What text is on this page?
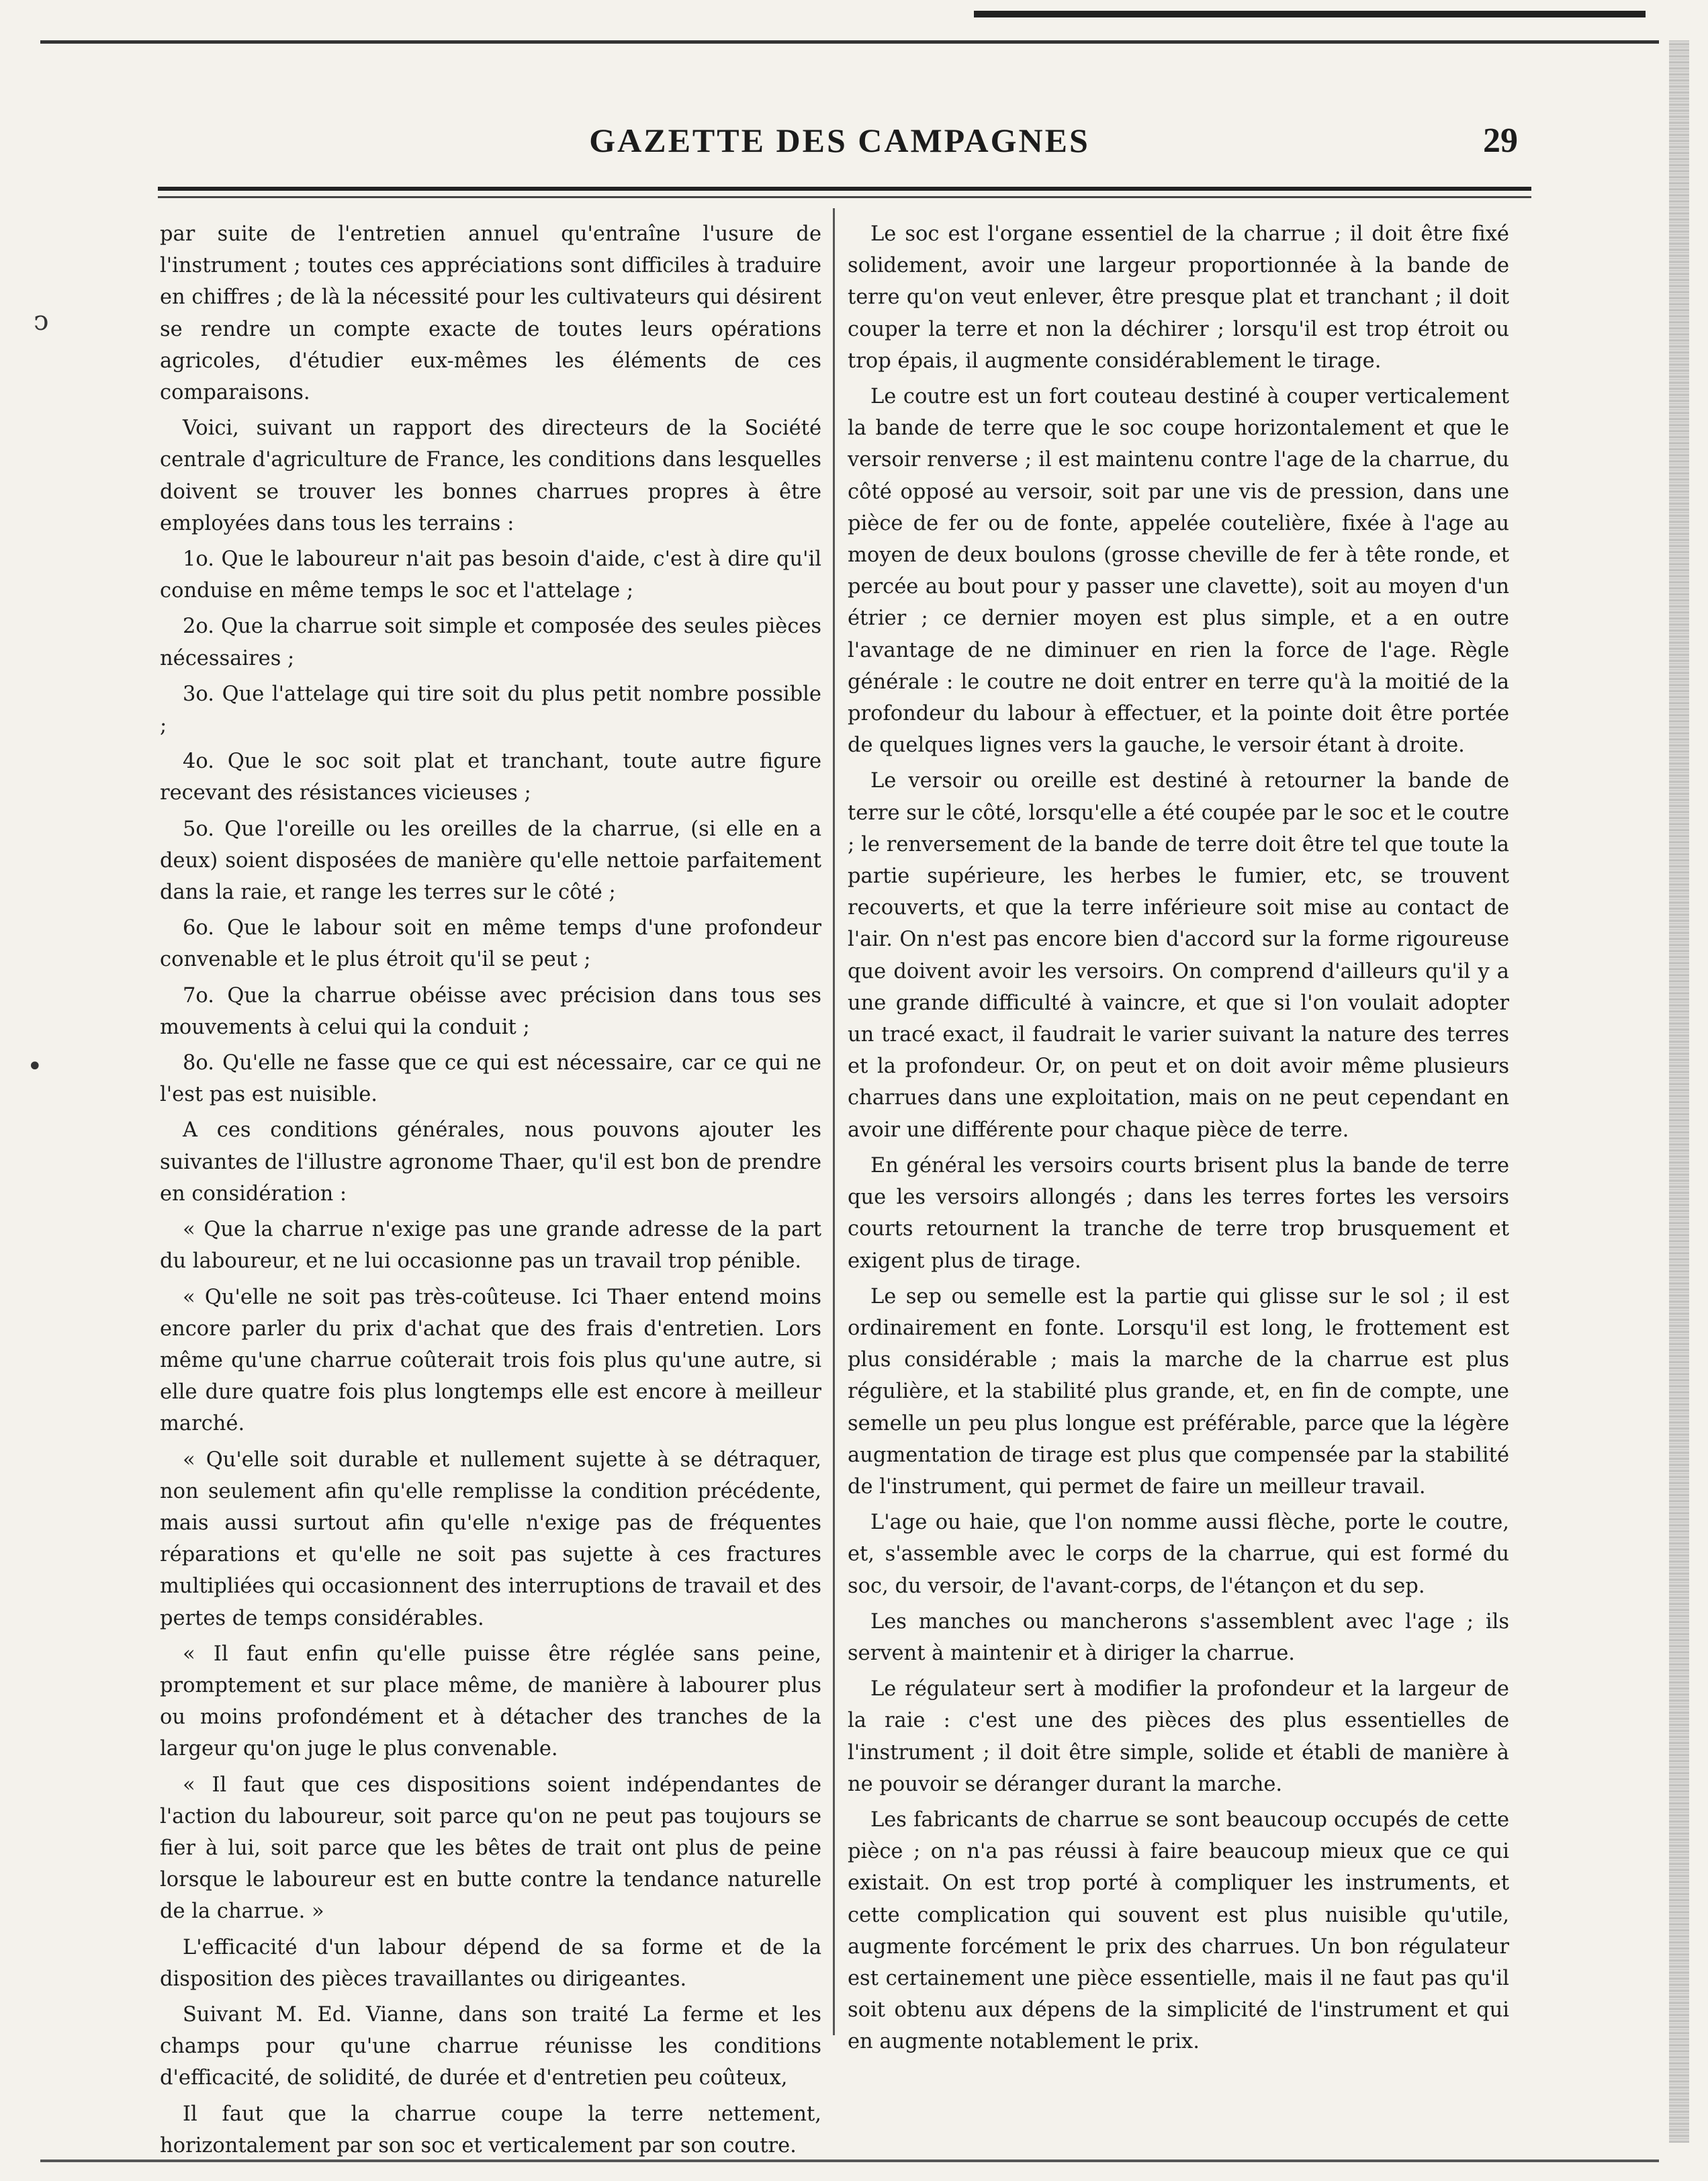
ↄ
•
GAZETTE DES CAMPAGNES	29

par suite de l'entretien annuel qu'entraîne l'usure de l'instrument ; toutes ces appréciations sont difficiles à traduire en chiffres ; de là la nécessité pour les cultivateurs qui désirent se rendre un compte exacte de toutes leurs opérations agricoles, d'étudier eux-mêmes les éléments de ces comparaisons.

Voici, suivant un rapport des directeurs de la Société centrale d'agriculture de France, les conditions dans lesquelles doivent se trouver les bonnes charrues propres à être employées dans tous les terrains :

1o. Que le laboureur n'ait pas besoin d'aide, c'est à dire qu'il conduise en même temps le soc et l'attelage ;

2o. Que la charrue soit simple et composée des seules pièces nécessaires ;

3o. Que l'attelage qui tire soit du plus petit nombre possible ;

4o. Que le soc soit plat et tranchant, toute autre figure recevant des résistances vicieuses ;

5o. Que l'oreille ou les oreilles de la charrue, (si elle en a deux) soient disposées de manière qu'elle nettoie parfaitement dans la raie, et range les terres sur le côté ;

6o. Que le labour soit en même temps d'une profondeur convenable et le plus étroit qu'il se peut ;

7o. Que la charrue obéisse avec précision dans tous ses mouvements à celui qui la conduit ;

8o. Qu'elle ne fasse que ce qui est nécessaire, car ce qui ne l'est pas est nuisible.

A ces conditions générales, nous pouvons ajouter les suivantes de l'illustre agronome Thaer, qu'il est bon de prendre en considération :

« Que la charrue n'exige pas une grande adresse de la part du laboureur, et ne lui occasionne pas un travail trop pénible.

« Qu'elle ne soit pas très-coûteuse. Ici Thaer entend moins encore parler du prix d'achat que des frais d'entretien. Lors même qu'une charrue coûterait trois fois plus qu'une autre, si elle dure quatre fois plus longtemps elle est encore à meilleur marché.

« Qu'elle soit durable et nullement sujette à se détraquer, non seulement afin qu'elle remplisse la condition précédente, mais aussi surtout afin qu'elle n'exige pas de fréquentes réparations et qu'elle ne soit pas sujette à ces fractures multipliées qui occasionnent des interruptions de travail et des pertes de temps considérables.

« Il faut enfin qu'elle puisse être réglée sans peine, promptement et sur place même, de manière à labourer plus ou moins profondément et à détacher des tranches de la largeur qu'on juge le plus convenable.

« Il faut que ces dispositions soient indépendantes de l'action du laboureur, soit parce qu'on ne peut pas toujours se fier à lui, soit parce que les bêtes de trait ont plus de peine lorsque le laboureur est en butte contre la tendance naturelle de la charrue. »

L'efficacité d'un labour dépend de sa forme et de la disposition des pièces travaillantes ou dirigeantes.

Suivant M. Ed. Vianne, dans son traité La ferme et les champs pour qu'une charrue réunisse les conditions d'efficacité, de solidité, de durée et d'entretien peu coûteux,

Il faut que la charrue coupe la terre nettement, horizontalement par son soc et verticalement par son coutre.

Le soc est l'organe essentiel de la charrue ; il doit être fixé solidement, avoir une largeur proportionnée à la bande de terre qu'on veut enlever, être presque plat et tranchant ; il doit couper la terre et non la déchirer ; lorsqu'il est trop étroit ou trop épais, il augmente considérablement le tirage.

Le coutre est un fort couteau destiné à couper verticalement la bande de terre que le soc coupe horizontalement et que le versoir renverse ; il est maintenu contre l'age de la charrue, du côté opposé au versoir, soit par une vis de pression, dans une pièce de fer ou de fonte, appelée coutelière, fixée à l'age au moyen de deux boulons (grosse cheville de fer à tête ronde, et percée au bout pour y passer une clavette), soit au moyen d'un étrier ; ce dernier moyen est plus simple, et a en outre l'avantage de ne diminuer en rien la force de l'age. Règle générale : le coutre ne doit entrer en terre qu'à la moitié de la profondeur du labour à effectuer, et la pointe doit être portée de quelques lignes vers la gauche, le versoir étant à droite.

Le versoir ou oreille est destiné à retourner la bande de terre sur le côté, lorsqu'elle a été coupée par le soc et le coutre ; le renversement de la bande de terre doit être tel que toute la partie supérieure, les herbes le fumier, etc, se trouvent recouverts, et que la terre inférieure soit mise au contact de l'air. On n'est pas encore bien d'accord sur la forme rigoureuse que doivent avoir les versoirs. On comprend d'ailleurs qu'il y a une grande difficulté à vaincre, et que si l'on voulait adopter un tracé exact, il faudrait le varier suivant la nature des terres et la profondeur. Or, on peut et on doit avoir même plusieurs charrues dans une exploitation, mais on ne peut cependant en avoir une différente pour chaque pièce de terre.

En général les versoirs courts brisent plus la bande de terre que les versoirs allongés ; dans les terres fortes les versoirs courts retournent la tranche de terre trop brusquement et exigent plus de tirage.

Le sep ou semelle est la partie qui glisse sur le sol ; il est ordinairement en fonte. Lorsqu'il est long, le frottement est plus considérable ; mais la marche de la charrue est plus régulière, et la stabilité plus grande, et, en fin de compte, une semelle un peu plus longue est préférable, parce que la légère augmentation de tirage est plus que compensée par la stabilité de l'instrument, qui permet de faire un meilleur travail.

L'age ou haie, que l'on nomme aussi flèche, porte le coutre, et, s'assemble avec le corps de la charrue, qui est formé du soc, du versoir, de l'avant-corps, de l'étançon et du sep.

Les manches ou mancherons s'assemblent avec l'age ; ils servent à maintenir et à diriger la charrue.

Le régulateur sert à modifier la profondeur et la largeur de la raie : c'est une des pièces des plus essentielles de l'instrument ; il doit être simple, solide et établi de manière à ne pouvoir se déranger durant la marche.

Les fabricants de charrue se sont beaucoup occupés de cette pièce ; on n'a pas réussi à faire beaucoup mieux que ce qui existait. On est trop porté à compliquer les instruments, et cette complication qui souvent est plus nuisible qu'utile, augmente forcément le prix des charrues. Un bon régulateur est certainement une pièce essentielle, mais il ne faut pas qu'il soit obtenu aux dépens de la simplicité de l'instrument et qui en augmente notablement le prix.
